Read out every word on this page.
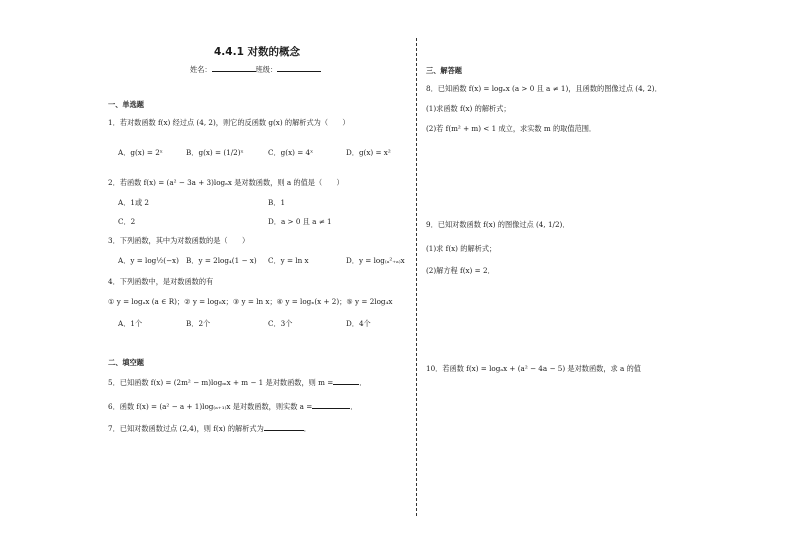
4.4.1 对数的概念
姓名：	班级：
一、单选题
1．若对数函数 f(x) 经过点 (4, 2)，则它的反函数 g(x) 的解析式为（　　）
A．g(x) = 2ˣ	B．g(x) = (1/2)ˣ	C．g(x) = 4ˣ	D．g(x) = x²
2．若函数 f(x) = (a² − 3a + 3)logₐx 是对数函数，则 a 的值是（　　）
A．1或 2	B．1
C．2	D．a > 0 且 a ≠ 1
3．下列函数，其中为对数函数的是（　　）
A．y = log½(−x) B．y = 2log₄(1 − x) C．y = ln x	D．y = log₍ₐ²₊ₐ₎x
4．下列函数中，是对数函数的有
① y = logₐx (a ∈ R)；② y = log₈x；③ y = ln x；④ y = logₓ(x + 2)；⑤ y = 2log₄x
A．1个	B．2个	C．3个	D．4个
二、填空题
5．已知函数 f(x) = (2m² − m)logₘx + m − 1 是对数函数，则 m =	．
6．函数 f(x) = (a² − a + 1)log₍ₐ₊₁₎x 是对数函数，则实数 a =	．
7．已知对数函数过点 (2,4)，则 f(x) 的解析式为	．
三、解答题
8．已知函数 f(x) = logₐx (a > 0 且 a ≠ 1)，且函数的图像过点 (4, 2)．
(1)求函数 f(x) 的解析式；
(2)若 f(m² + m) < 1 成立，求实数 m 的取值范围．
9．已知对数函数 f(x) 的图像过点 (4, 1/2)．
(1)求 f(x) 的解析式；
(2)解方程 f(x) = 2．
10．若函数 f(x) = logₐx + (a² − 4a − 5) 是对数函数，求 a 的值
